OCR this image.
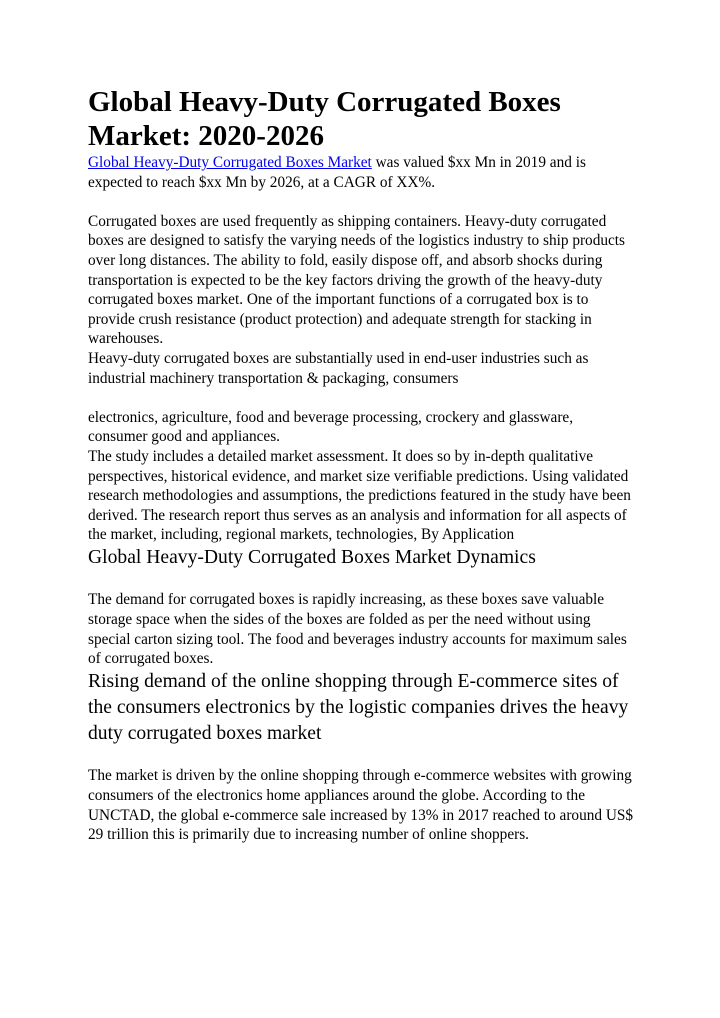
Global Heavy-Duty Corrugated Boxes Market: 2020-2026

Global Heavy-Duty Corrugated Boxes Market was valued $xx Mn in 2019 and is expected to reach $xx Mn by 2026, at a CAGR of XX%.

Corrugated boxes are used frequently as shipping containers. Heavy-duty corrugated boxes are designed to satisfy the varying needs of the logistics industry to ship products over long distances. The ability to fold, easily dispose off, and absorb shocks during transportation is expected to be the key factors driving the growth of the heavy-duty corrugated boxes market. One of the important functions of a corrugated box is to provide crush resistance (product protection) and adequate strength for stacking in warehouses.

Heavy-duty corrugated boxes are substantially used in end-user industries such as industrial machinery transportation & packaging, consumers

electronics, agriculture, food and beverage processing, crockery and glassware, consumer good and appliances.

The study includes a detailed market assessment. It does so by in-depth qualitative perspectives, historical evidence, and market size verifiable predictions. Using validated research methodologies and assumptions, the predictions featured in the study have been derived. The research report thus serves as an analysis and information for all aspects of the market, including, regional markets, technologies, By Application

Global Heavy-Duty Corrugated Boxes Market Dynamics

The demand for corrugated boxes is rapidly increasing, as these boxes save valuable storage space when the sides of the boxes are folded as per the need without using special carton sizing tool. The food and beverages industry accounts for maximum sales of corrugated boxes.

Rising demand of the online shopping through E-commerce sites of the consumers electronics by the logistic companies drives the heavy duty corrugated boxes market

The market is driven by the online shopping through e-commerce websites with growing consumers of the electronics home appliances around the globe. According to the UNCTAD, the global e-commerce sale increased by 13% in 2017 reached to around US$ 29 trillion this is primarily due to increasing number of online shoppers.
